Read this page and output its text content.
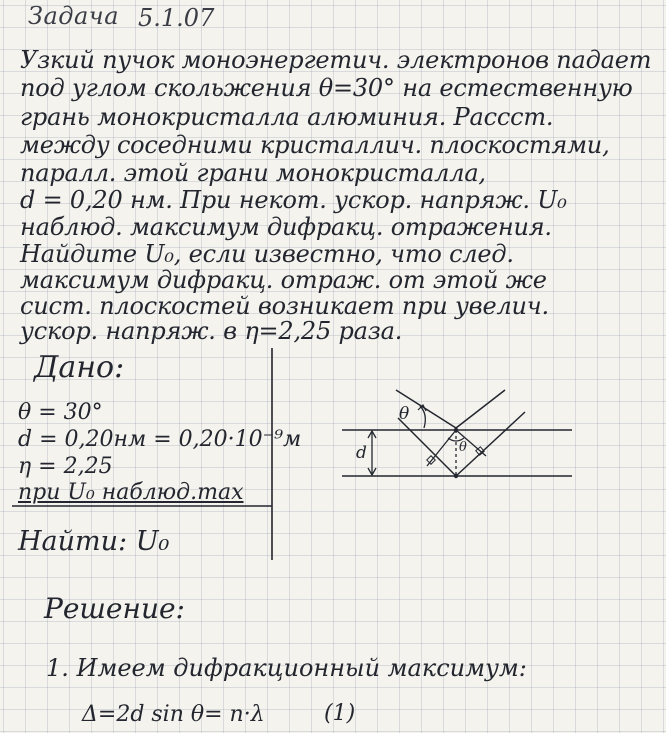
Задача 5.1.07
Узкий пучок моноэнергетич. электронов падает
под углом скольжения θ=30° на естественную
грань монокристалла алюминия. Рассст.
между соседними кристаллич. плоскостями,
паралл. этой грани монокристалла,
d = 0,20 нм. При некот. ускор. напряж. U₀
наблюд. максимум дифракц. отражения.
Найдите U₀, если известно, что след.
максимум дифракц. отраж. от этой же
сист. плоскостей возникает при увелич.
ускор. напряж. в η=2,25 раза.
Дано:
θ = 30°
d = 0,20нм = 0,20·10⁻⁹м
η = 2,25
при U₀ наблюд.max
Найти: U₀
θ
θ
d
Решение:
1. Имеем дифракционный максимум:
Δ=2d sin θ= n·λ	(1)
